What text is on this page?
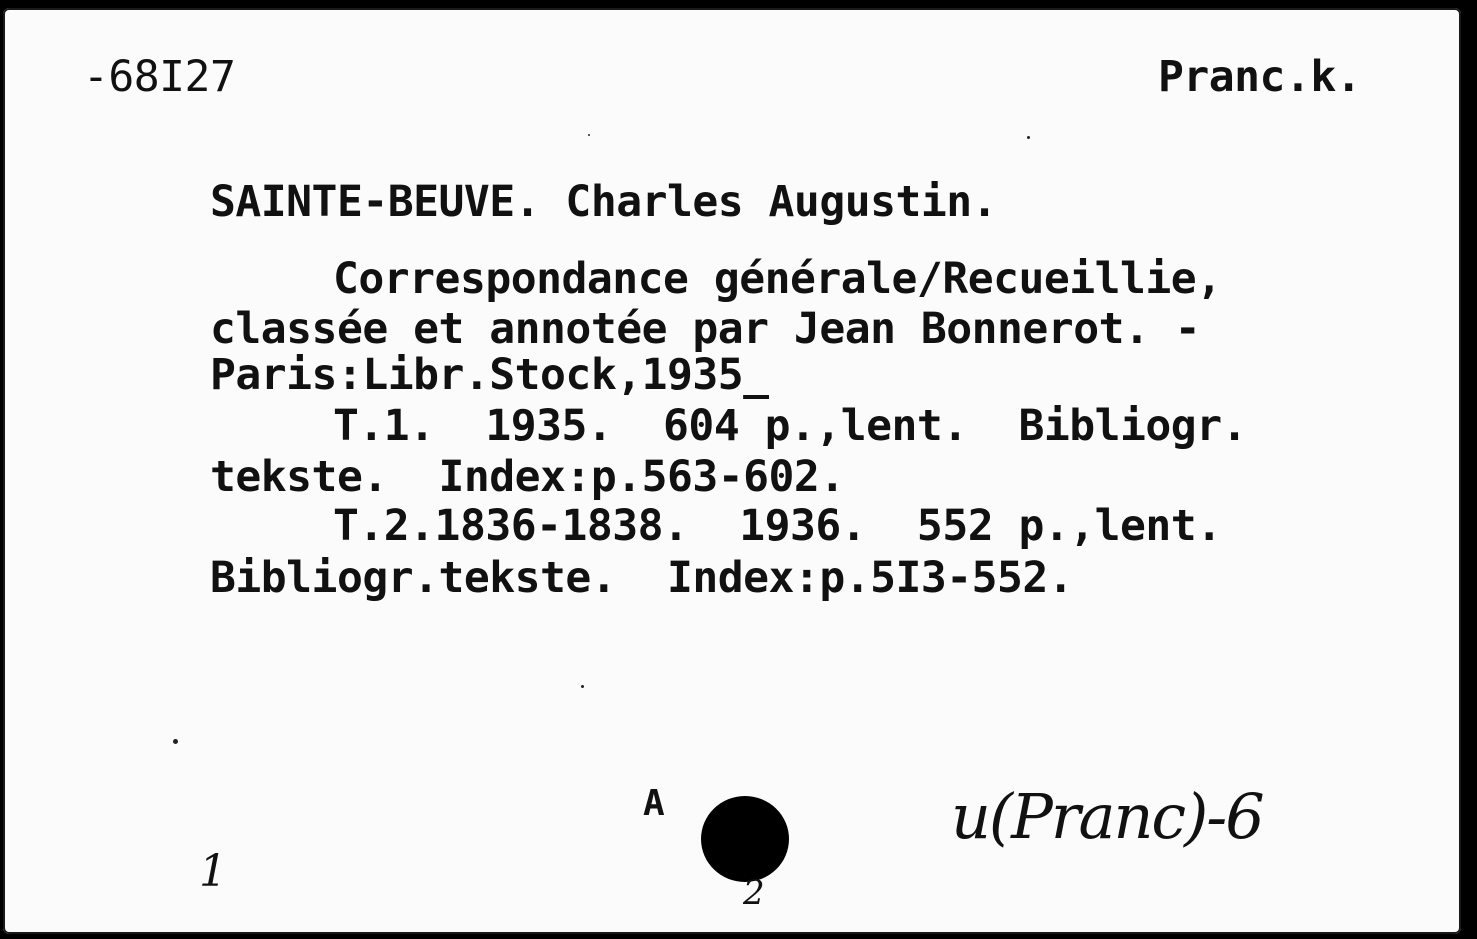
-68I27	Pranc.k.
SAINTE-BEUVE. Charles Augustin.
Correspondance générale/Recueillie,
classée et annotée par Jean Bonnerot. -
Paris:Libr.Stock,1935_
T.1.  1935.  604 p.,lent.  Bibliogr.
tekste.  Index:p.563-602.
T.2.1836-1838.  1936.  552 p.,lent.
Bibliogr.tekste.  Index:p.5I3-552.
A	u(Pranc)-6
1	2
